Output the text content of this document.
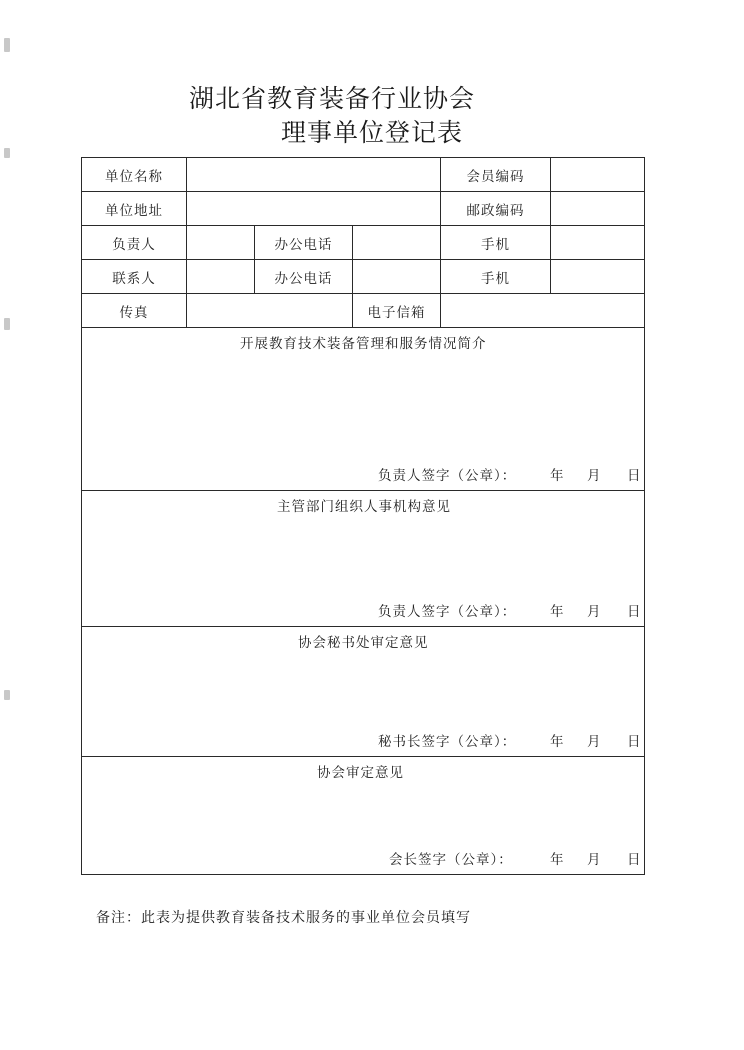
湖北省教育装备行业协会
理事单位登记表
单位名称	会员编码
单位地址	邮政编码
负责人	办公电话	手机
联系人	办公电话	手机
传真	电子信箱
开展教育技术装备管理和服务情况简介
负责人签字（公章）：	年 月 日
主管部门组织人事机构意见
负责人签字（公章）：	年 月 日
协会秘书处审定意见
秘书长签字（公章）：	年 月 日
协会审定意见
会长签字（公章）：	年 月 日
备注：此表为提供教育装备技术服务的事业单位会员填写
